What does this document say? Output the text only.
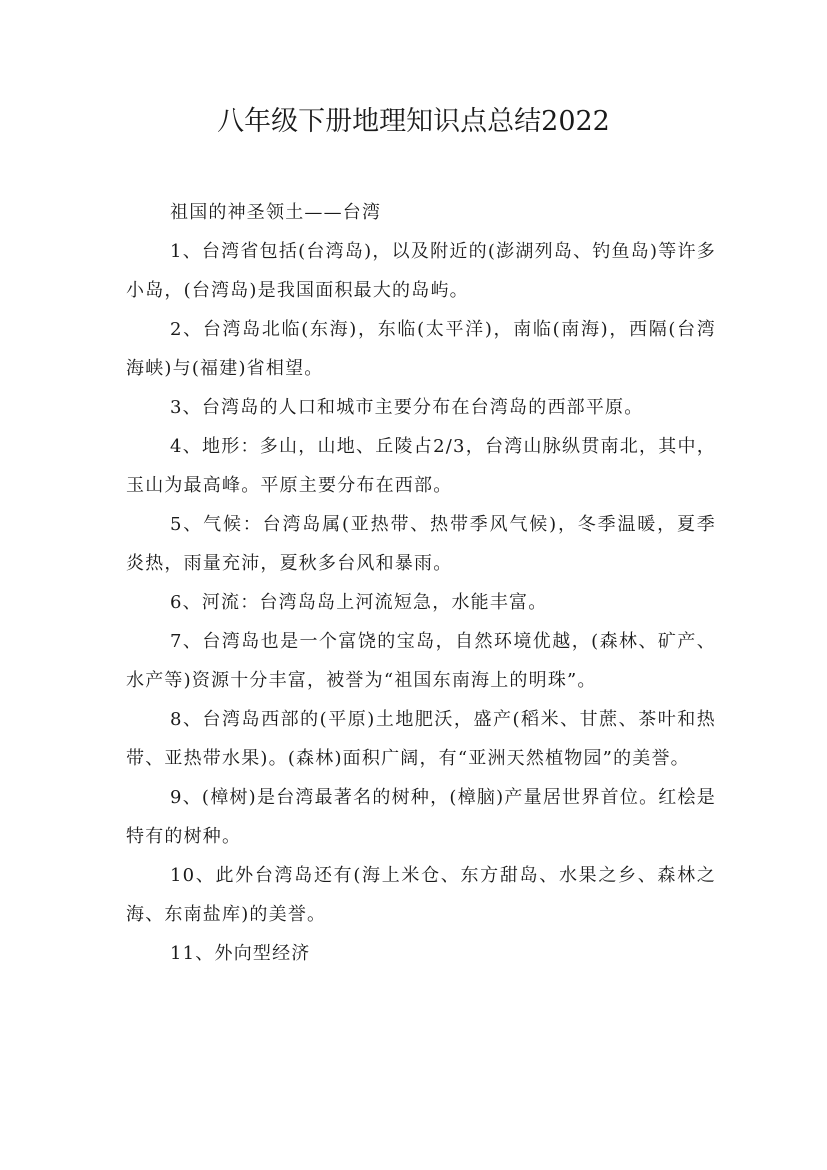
八年级下册地理知识点总结2022

祖国的神圣领土——台湾

1、台湾省包括(台湾岛)，以及附近的(澎湖列岛、钓鱼岛)等许多小岛，(台湾岛)是我国面积最大的岛屿。

2、台湾岛北临(东海)，东临(太平洋)，南临(南海)，西隔(台湾海峡)与(福建)省相望。

3、台湾岛的人口和城市主要分布在台湾岛的西部平原。

4、地形：多山，山地、丘陵占2/3，台湾山脉纵贯南北，其中，玉山为最高峰。平原主要分布在西部。

5、气候：台湾岛属(亚热带、热带季风气候)，冬季温暖，夏季炎热，雨量充沛，夏秋多台风和暴雨。

6、河流：台湾岛岛上河流短急，水能丰富。

7、台湾岛也是一个富饶的宝岛，自然环境优越，(森林、矿产、水产等)资源十分丰富，被誉为“祖国东南海上的明珠”。

8、台湾岛西部的(平原)土地肥沃，盛产(稻米、甘蔗、茶叶和热带、亚热带水果)。(森林)面积广阔，有“亚洲天然植物园”的美誉。

9、(樟树)是台湾最著名的树种，(樟脑)产量居世界首位。红桧是特有的树种。

10、此外台湾岛还有(海上米仓、东方甜岛、水果之乡、森林之海、东南盐库)的美誉。

11、外向型经济
